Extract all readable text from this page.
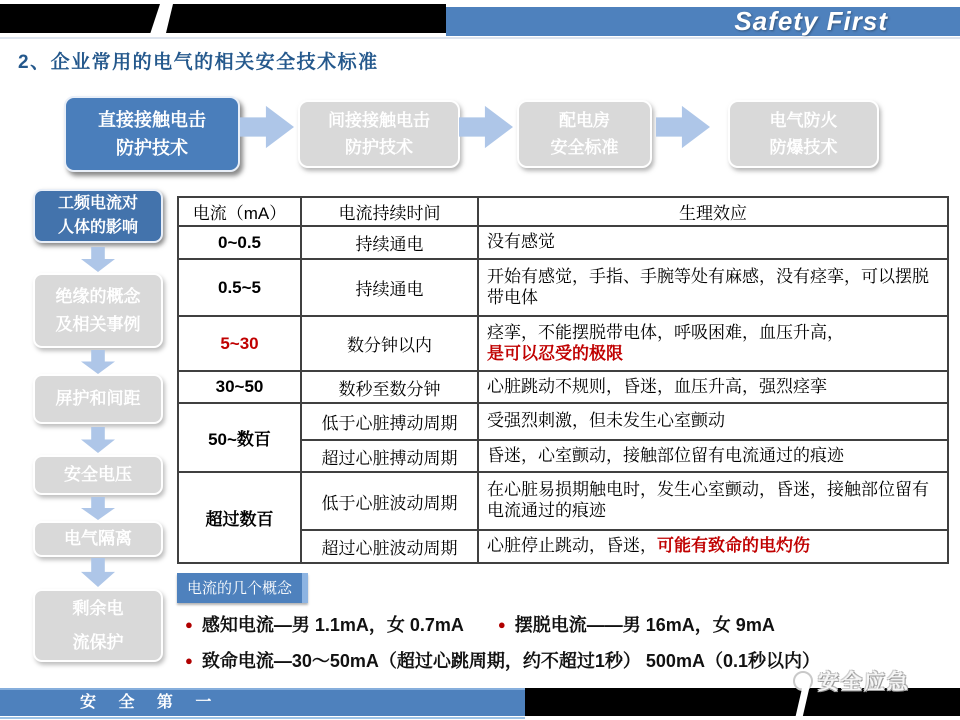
Safety First
2、企业常用的电气的相关安全技术标准
直接接触电击
防护技术
间接接触电击
防护技术
配电房
安全标准
电气防火
防爆技术
工频电流对
人体的影响
绝缘的概念
及相关事例
屏护和间距
安全电压
电气隔离
剩余电
流保护
电流（mA）	电流持续时间	生理效应
0~0.5	持续通电	没有感觉
0.5~5	持续通电	开始有感觉，手指、手腕等处有麻感，没有痉挛，可以摆脱带电体
5~30	数分钟以内	痉挛，不能摆脱带电体，呼吸困难，血压升高，
是可以忍受的极限
30~50	数秒至数分钟	心脏跳动不规则，昏迷，血压升高，强烈痉挛
50~数百	低于心脏搏动周期	受强烈刺激，但未发生心室颤动
	超过心脏搏动周期	昏迷，心室颤动，接触部位留有电流通过的痕迹
超过数百	低于心脏波动周期	在心脏易损期触电时，发生心室颤动，昏迷，接触部位留有电流通过的痕迹
	超过心脏波动周期	心脏停止跳动，昏迷，可能有致命的电灼伤
电流的几个概念
● 感知电流—男 1.1mA，女 0.7mA	● 摆脱电流——男 16mA，女 9mA
● 致命电流—30～50mA（超过心跳周期，约不超过1秒） 500mA（0.1秒以内）
安 全 第 一
安全应急
